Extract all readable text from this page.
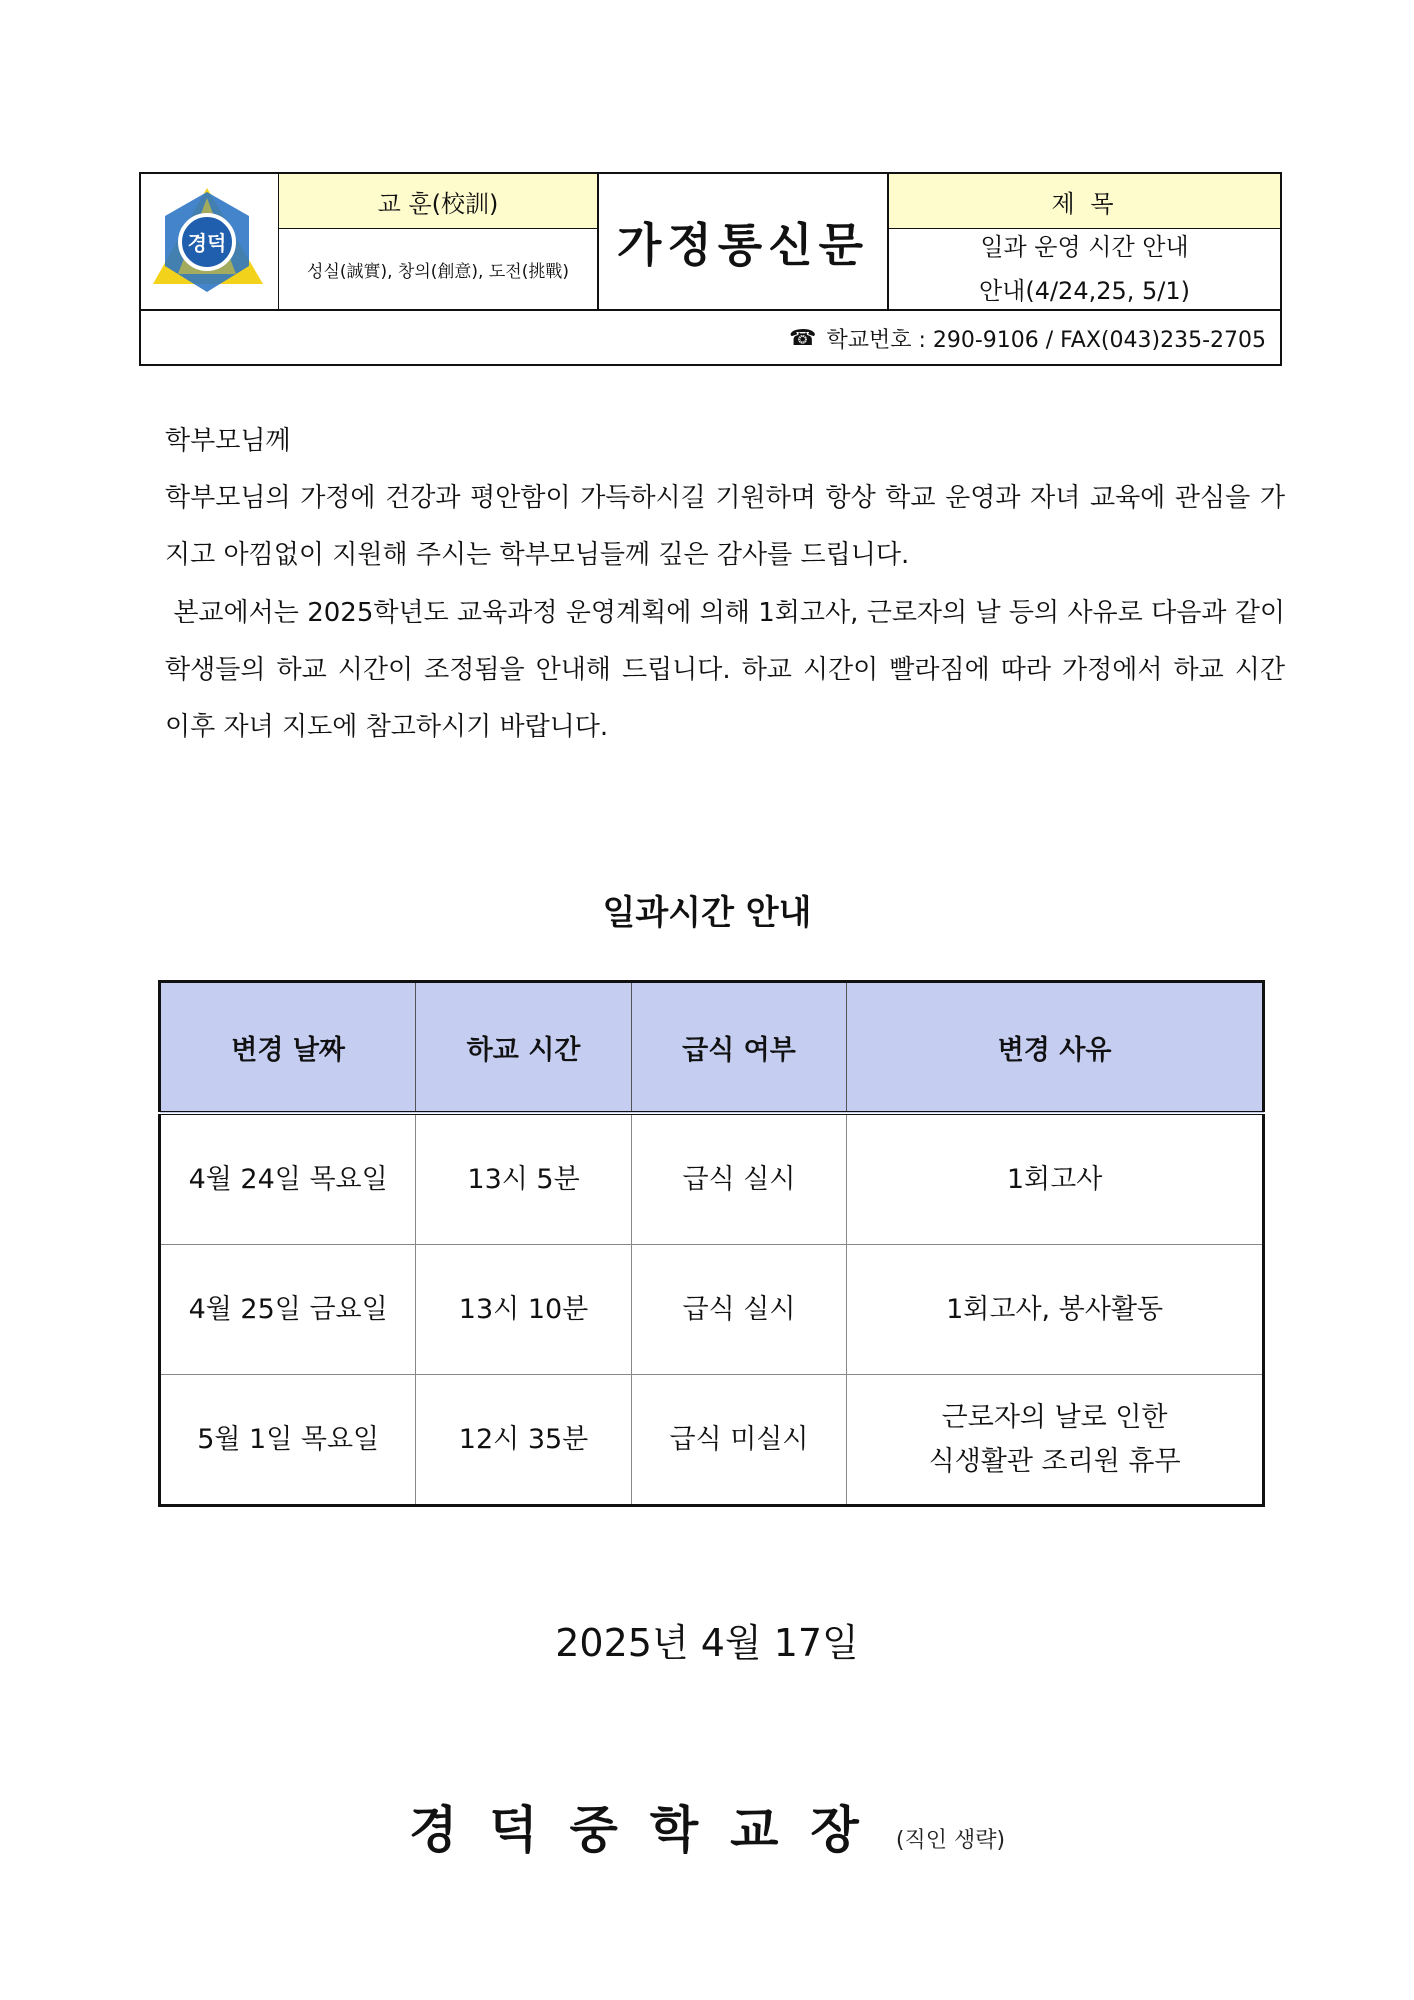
경덕
교 훈(校訓)
성실(誠實), 창의(創意), 도전(挑戰)	가정통신문
제 목
일과 운영 시간 안내
안내(4/24,25, 5/1)
☎ 학교번호 : 290-9106 / FAX(043)235-2705
학부모님께
학부모님의 가정에 건강과 평안함이 가득하시길 기원하며 항상 학교 운영과 자녀 교육에 관심을 가지고 아낌없이 지원해 주시는 학부모님들께 깊은 감사를 드립니다.
본교에서는 2025학년도 교육과정 운영계획에 의해 1회고사, 근로자의 날 등의 사유로 다음과 같이 학생들의 하교 시간이 조정됨을 안내해 드립니다. 하교 시간이 빨라짐에 따라 가정에서 하교 시간 이후 자녀 지도에 참고하시기 바랍니다.
일과시간 안내
변경 날짜	하교 시간	급식 여부	변경 사유
4월 24일 목요일	13시 5분	급식 실시	1회고사
4월 25일 금요일	13시 10분	급식 실시	1회고사, 봉사활동
5월 1일 목요일	12시 35분	급식 미실시	근로자의 날로 인한
식생활관 조리원 휴무
2025년 4월 17일
경덕중학교장 (직인 생략)
